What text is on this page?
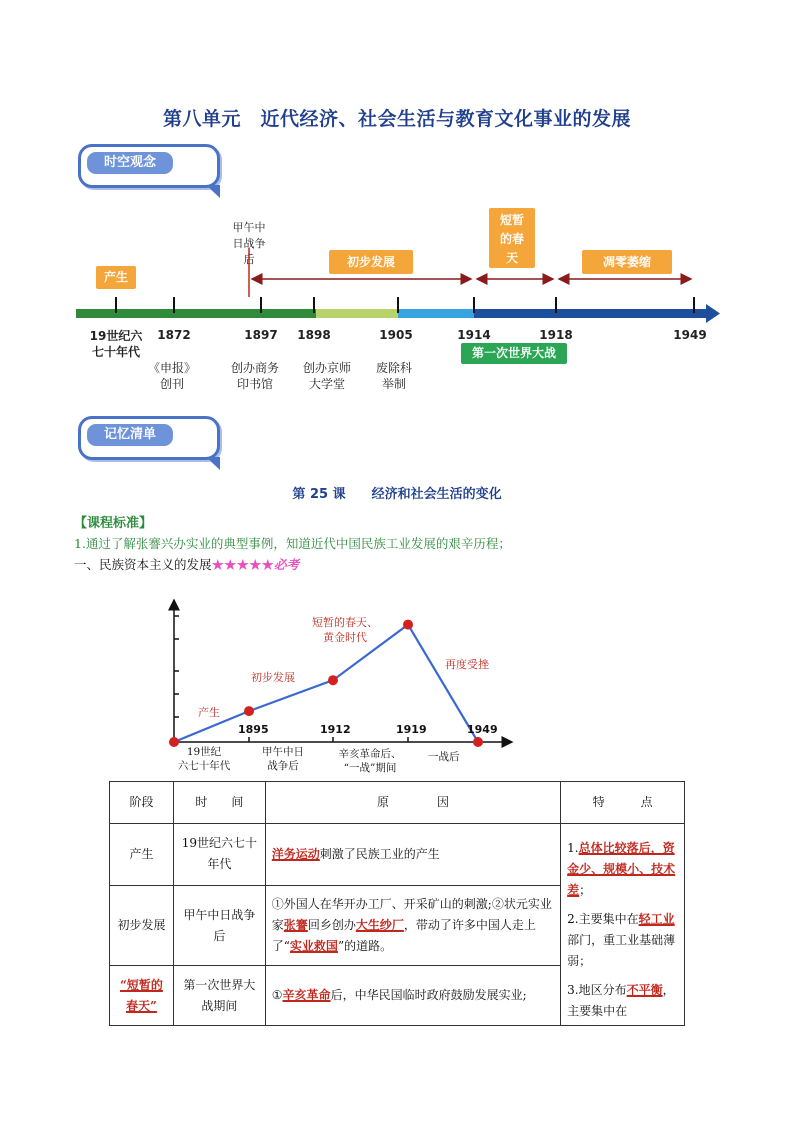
第八单元　近代经济、社会生活与教育文化事业的发展
时空观念
产生
甲午中
日战争
后	初步发展
短暂
的春
天	凋零萎缩
19世纪六
七十年代
1872	1897	1898	1905	1914	1918	1949
《申报》
创刊
创办商务
印书馆
创办京师
大学堂
废除科
举制
第一次世界大战
记忆清单
第 25 课　　经济和社会生活的变化
【课程标准】
1.通过了解张謇兴办实业的典型事例，知道近代中国民族工业发展的艰辛历程；
一、民族资本主义的发展★★★★★必考
产生
初步发展
短暂的春天、
黄金时代
再度受挫
1895	1912	1919	1949
19世纪
六七十年代
甲午中日
战争后
辛亥革命后、
“一战”期间
一战后
阶段	时　　间	原　　　　因	特　　　点
产生	19世纪六七十年代	洋务运动刺激了民族工业的产生	1.总体比较落后，资金少、规模小、技术差；
2.主要集中在轻工业部门，重工业基础薄弱；
3.地区分布不平衡，主要集中在

初步发展	甲午中日战争后	①外国人在华开办工厂、开采矿山的刺激;②状元实业家张謇回乡创办大生纱厂，带动了许多中国人走上了“实业救国”的道路。	
“短暂的春天”	第一次世界大战期间	①辛亥革命后，中华民国临时政府鼓励发展实业;	
